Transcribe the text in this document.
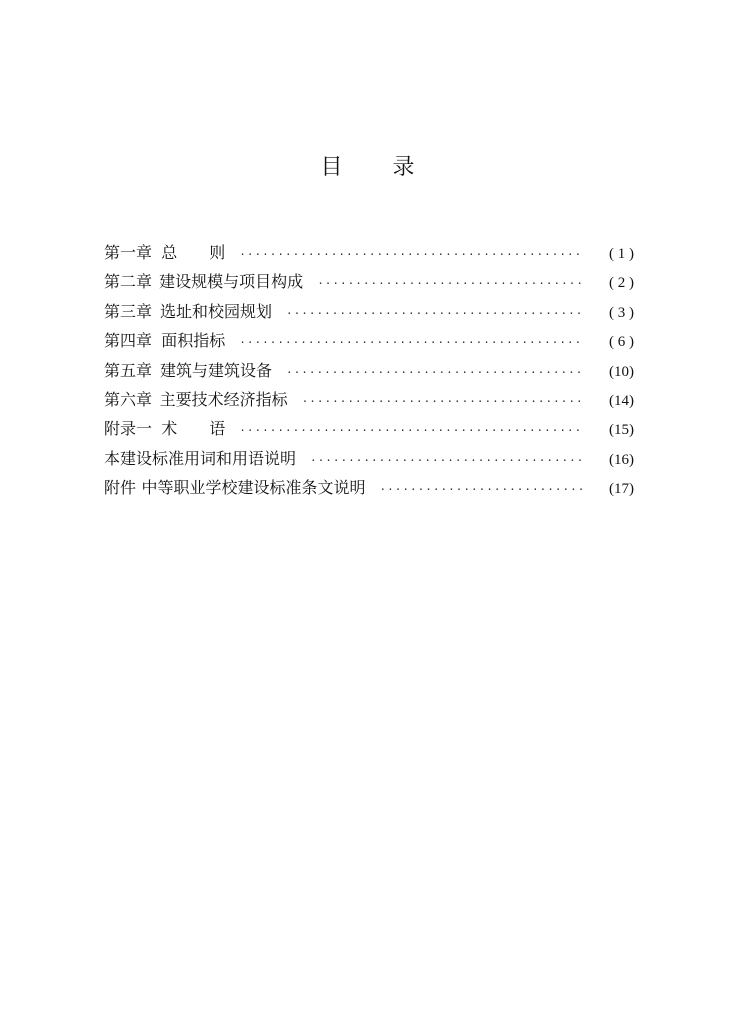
目 录
第一章 总　　则 ·····	( 1 )
第二章 建设规模与项目构成 ·····	( 2 )
第三章 选址和校园规划 ·····	( 3 )
第四章 面积指标 ·····	( 6 )
第五章 建筑与建筑设备 ·····	(10)
第六章 主要技术经济指标 ·····	(14)
附录一 术　　语 ·····	(15)
本建设标准用词和用语说明 ·····	(16)
附件 中等职业学校建设标准条文说明 ·····	(17)
